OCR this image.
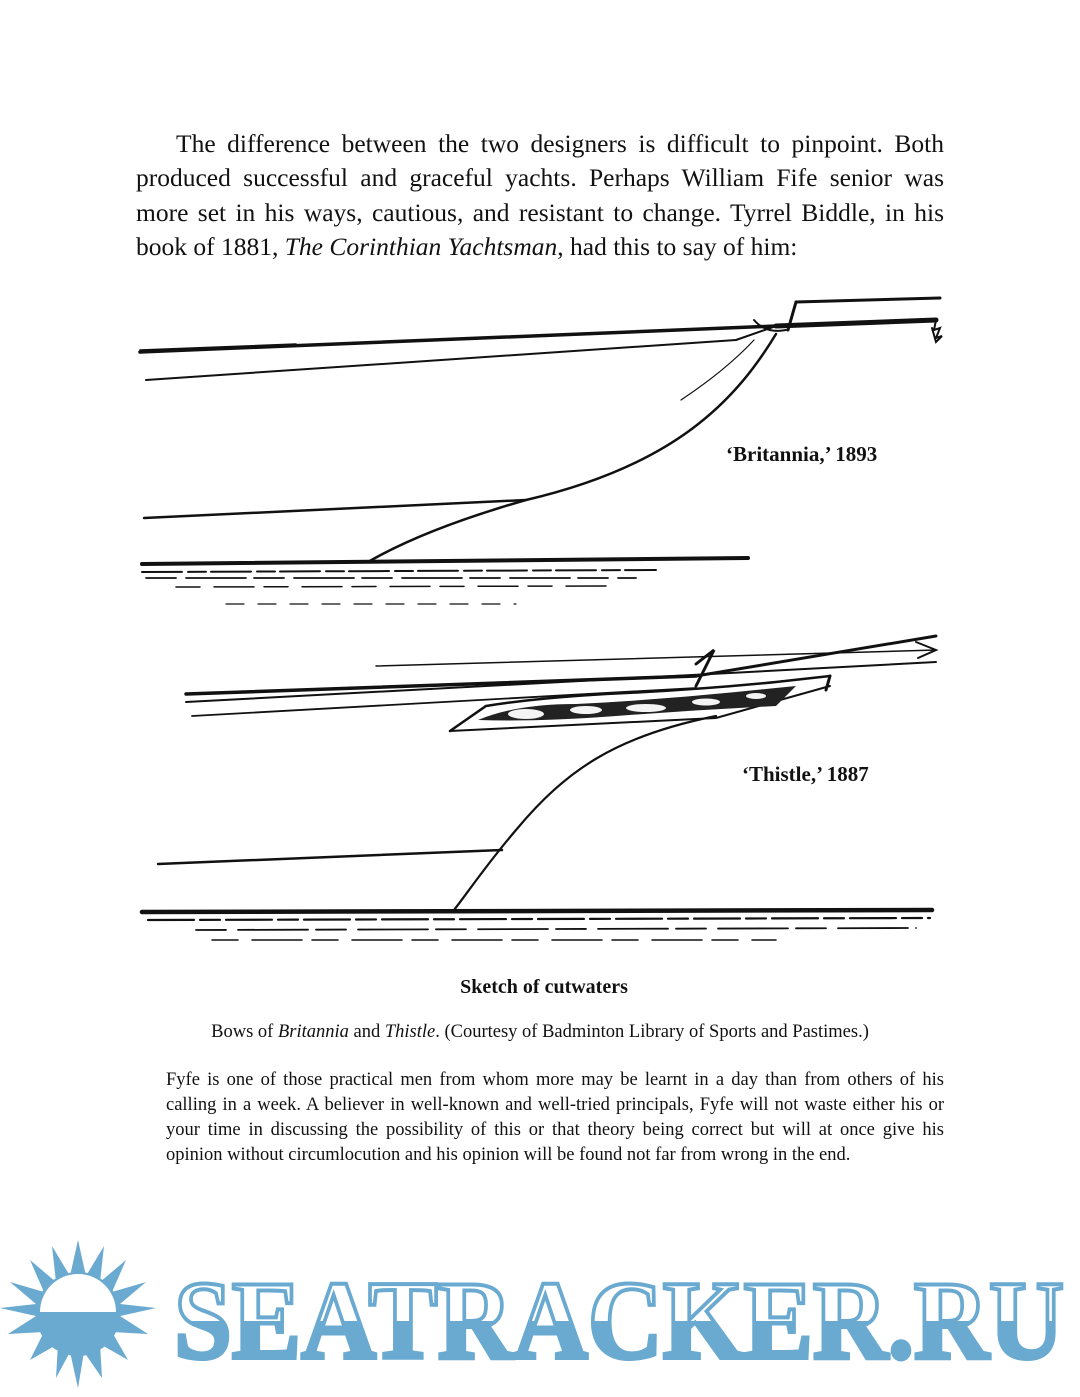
The difference between the two designers is difficult to pinpoint. Both produced successful and graceful yachts. Perhaps William Fife senior was more set in his ways, cautious, and resistant to change. Tyrrel Biddle, in his book of 1881, The Corinthian Yachtsman, had this to say of him:

‘Britannia,’ 1893
‘Thistle,’ 1887
Sketch of cutwaters

Bows of Britannia and Thistle. (Courtesy of Badminton Library of Sports and Pastimes.)

Fyfe is one of those practical men from whom more may be learnt in a day than from others of his calling in a week. A believer in well-known and well-tried principals, Fyfe will not waste either his or your time in discussing the possibility of this or that theory being correct but will at once give his opinion without circumlocution and his opinion will be found not far from wrong in the end.

SEATRACKER.RU
